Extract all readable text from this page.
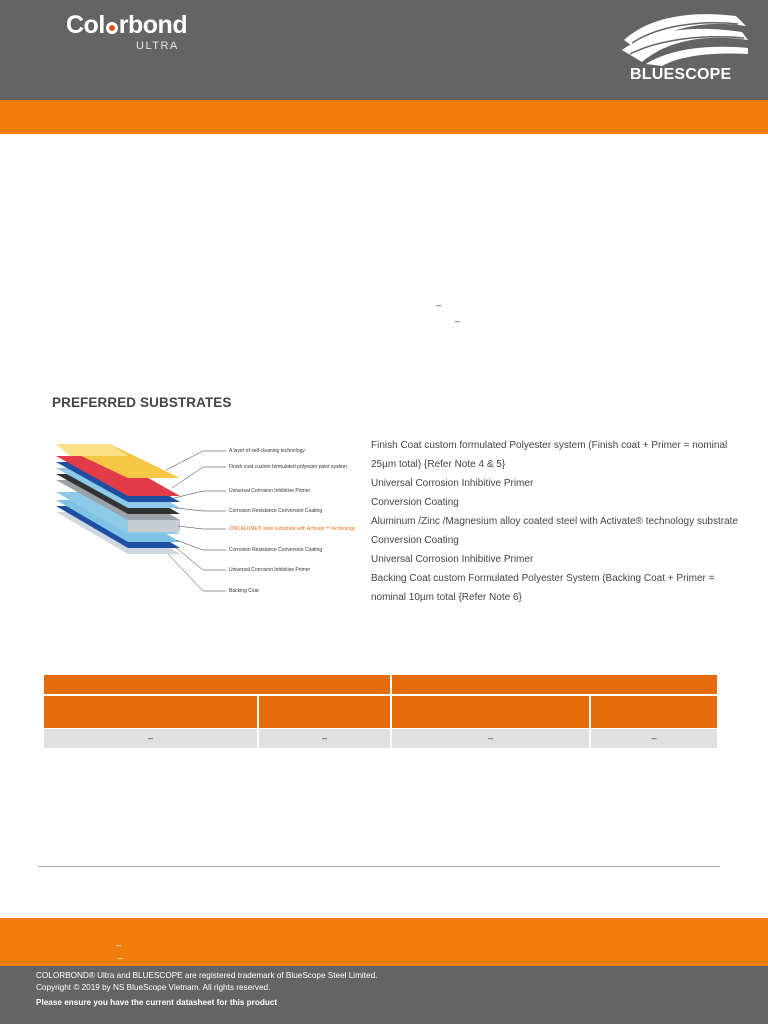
Col rbond
ULTRA
BLUESCOPE
_
_
PREFERRED SUBSTRATES
A layer of self-cleaning technology
Finish coat custom formulated polyester paint system
Universal Corrosion Inhibitive Primer
Corrosion Resistance Conversion Coating
ZINCALUME® steel substrate with Activate™ technology
Corrosion Resistance Conversion Coating
Universal Corrosion Inhibitive Primer
Backing Coat
Finish Coat custom formulated Polyester system (Finish coat + Primer = nominal 25µm total) {Refer Note 4 & 5}
Universal Corrosion Inhibitive Primer
Conversion Coating
Aluminum /Zinc /Magnesium alloy coated steel with Activate® technology substrate
Conversion Coating
Universal Corrosion Inhibitive Primer
Backing Coat custom Formulated Polyester System (Backing Coat + Primer = nominal 10µm total {Refer Note 6}
–	–	–	–
_
_
COLORBOND® Ultra and BLUESCOPE are registered trademark of BlueScope Steel Limited.
Copyright © 2019 by NS BlueScope Vietnam. All rights reserved.
Please ensure you have the current datasheet for this product
